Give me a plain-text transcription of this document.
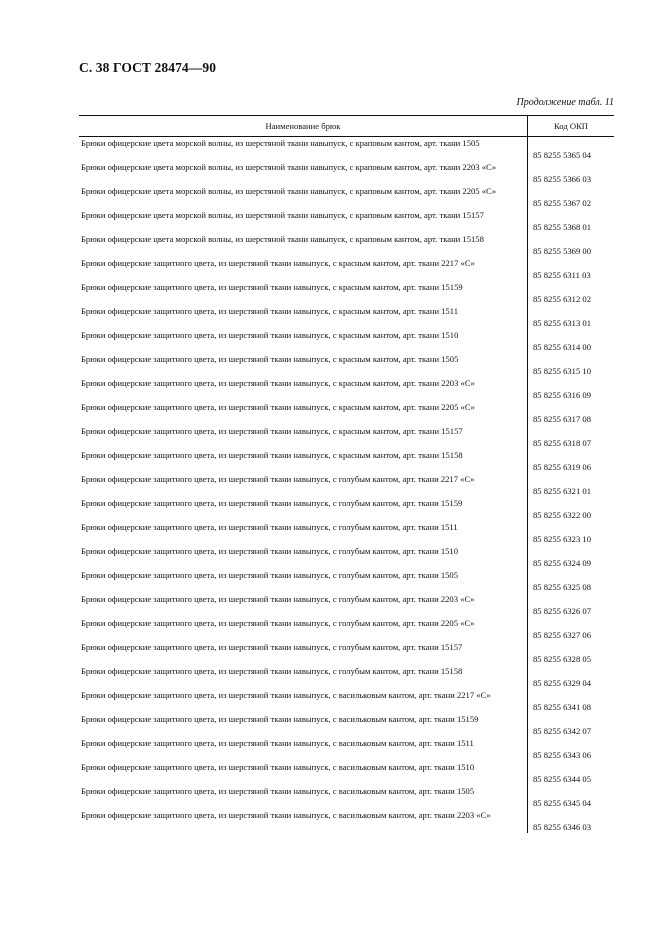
С. 38 ГОСТ 28474—90
Продолжение табл. 11
Наименование брюк	Код ОКП
Брюки офицерские цвета морской волны, из шерстяной ткани навыпуск, с краповым кантом, арт. ткани 1505
85 8255 5365 04
Брюки офицерские цвета морской волны, из шерстяной ткани навыпуск, с краповым кантом, арт. ткани 2203 «С»
85 8255 5366 03
Брюки офицерские цвета морской волны, из шерстяной ткани навыпуск, с краповым кантом, арт. ткани 2205 «С»
85 8255 5367 02
Брюки офицерские цвета морской волны, из шерстяной ткани навыпуск, с краповым кантом, арт. ткани 15157
85 8255 5368 01
Брюки офицерские цвета морской волны, из шерстяной ткани навыпуск, с краповым кантом, арт. ткани 15158
85 8255 5369 00
Брюки офицерские защитного цвета, из шерстяной ткани навыпуск, с красным кантом, арт. ткани 2217 «С»
85 8255 6311 03
Брюки офицерские защитного цвета, из шерстяной ткани навыпуск, с красным кантом, арт. ткани 15159
85 8255 6312 02
Брюки офицерские защитного цвета, из шерстяной ткани навыпуск, с красным кантом, арт. ткани 1511
85 8255 6313 01
Брюки офицерские защитного цвета, из шерстяной ткани навыпуск, с красным кантом, арт. ткани 1510
85 8255 6314 00
Брюки офицерские защитного цвета, из шерстяной ткани навыпуск, с красным кантом, арт. ткани 1505
85 8255 6315 10
Брюки офицерские защитного цвета, из шерстяной ткани навыпуск, с красным кантом, арт. ткани 2203 «С»
85 8255 6316 09
Брюки офицерские защитного цвета, из шерстяной ткани навыпуск, с красным кантом, арт. ткани 2205 «С»
85 8255 6317 08
Брюки офицерские защитного цвета, из шерстяной ткани навыпуск, с красным кантом, арт. ткани 15157
85 8255 6318 07
Брюки офицерские защитного цвета, из шерстяной ткани навыпуск, с красным кантом, арт. ткани 15158
85 8255 6319 06
Брюки офицерские защитного цвета, из шерстяной ткани навыпуск, с голубым кантом, арт. ткани 2217 «С»
85 8255 6321 01
Брюки офицерские защитного цвета, из шерстяной ткани навыпуск, с голубым кантом, арт. ткани 15159
85 8255 6322 00
Брюки офицерские защитного цвета, из шерстяной ткани навыпуск, с голубым кантом, арт. ткани 1511
85 8255 6323 10
Брюки офицерские защитного цвета, из шерстяной ткани навыпуск, с голубым кантом, арт. ткани 1510
85 8255 6324 09
Брюки офицерские защитного цвета, из шерстяной ткани навыпуск, с голубым кантом, арт. ткани 1505
85 8255 6325 08
Брюки офицерские защитного цвета, из шерстяной ткани навыпуск, с голубым кантом, арт. ткани 2203 «С»
85 8255 6326 07
Брюки офицерские защитного цвета, из шерстяной ткани навыпуск, с голубым кантом, арт. ткани 2205 «С»
85 8255 6327 06
Брюки офицерские защитного цвета, из шерстяной ткани навыпуск, с голубым кантом, арт. ткани 15157
85 8255 6328 05
Брюки офицерские защитного цвета, из шерстяной ткани навыпуск, с голубым кантом, арт. ткани 15158
85 8255 6329 04
Брюки офицерские защитного цвета, из шерстяной ткани навыпуск, с васильковым кантом, арт. ткани 2217 «С»
85 8255 6341 08
Брюки офицерские защитного цвета, из шерстяной ткани навыпуск, с васильковым кантом, арт. ткани 15159
85 8255 6342 07
Брюки офицерские защитного цвета, из шерстяной ткани навыпуск, с васильковым кантом, арт. ткани 1511
85 8255 6343 06
Брюки офицерские защитного цвета, из шерстяной ткани навыпуск, с васильковым кантом, арт. ткани 1510
85 8255 6344 05
Брюки офицерские защитного цвета, из шерстяной ткани навыпуск, с васильковым кантом, арт. ткани 1505
85 8255 6345 04
Брюки офицерские защитного цвета, из шерстяной ткани навыпуск, с васильковым кантом, арт. ткани 2203 «С»
85 8255 6346 03
